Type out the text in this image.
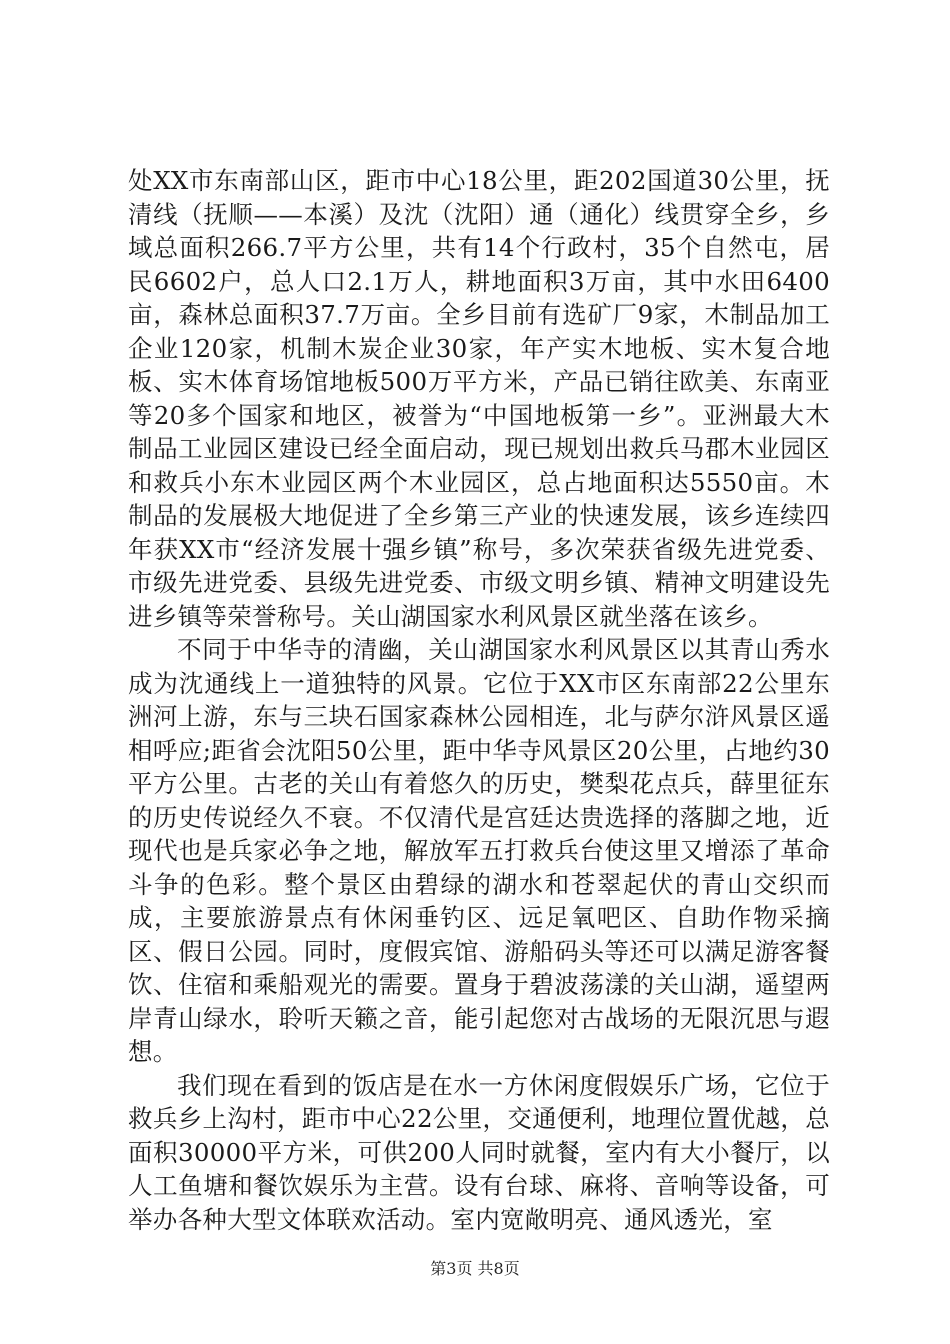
处XX市东南部山区，距市中心18公里，距202国道30公里，抚清线（抚顺——本溪）及沈（沈阳）通（通化）线贯穿全乡，乡域总面积266.7平方公里，共有14个行政村，35个自然屯，居民6602户，总人口2.1万人，耕地面积3万亩，其中水田6400亩，森林总面积37.7万亩。全乡目前有选矿厂9家，木制品加工企业120家，机制木炭企业30家，年产实木地板、实木复合地板、实木体育场馆地板500万平方米，产品已销往欧美、东南亚等20多个国家和地区，被誉为“中国地板第一乡”。亚洲最大木制品工业园区建设已经全面启动，现已规划出救兵马郡木业园区和救兵小东木业园区两个木业园区，总占地面积达5550亩。木制品的发展极大地促进了全乡第三产业的快速发展，该乡连续四年获XX市“经济发展十强乡镇”称号，多次荣获省级先进党委、市级先进党委、县级先进党委、市级文明乡镇、精神文明建设先进乡镇等荣誉称号。关山湖国家水利风景区就坐落在该乡。

不同于中华寺的清幽，关山湖国家水利风景区以其青山秀水成为沈通线上一道独特的风景。它位于XX市区东南部22公里东洲河上游，东与三块石国家森林公园相连，北与萨尔浒风景区遥相呼应;距省会沈阳50公里，距中华寺风景区20公里，占地约30平方公里。古老的关山有着悠久的历史，樊梨花点兵，薛里征东的历史传说经久不衰。不仅清代是宫廷达贵选择的落脚之地，近现代也是兵家必争之地，解放军五打救兵台使这里又增添了革命斗争的色彩。整个景区由碧绿的湖水和苍翠起伏的青山交织而成，主要旅游景点有休闲垂钓区、远足氧吧区、自助作物采摘区、假日公园。同时，度假宾馆、游船码头等还可以满足游客餐饮、住宿和乘船观光的需要。置身于碧波荡漾的关山湖，遥望两岸青山绿水，聆听天籁之音，能引起您对古战场的无限沉思与遐想。

我们现在看到的饭店是在水一方休闲度假娱乐广场，它位于救兵乡上沟村，距市中心22公里，交通便利，地理位置优越，总面积30000平方米，可供200人同时就餐，室内有大小餐厅，以人工鱼塘和餐饮娱乐为主营。设有台球、麻将、音响等设备，可举办各种大型文体联欢活动。室内宽敞明亮、通风透光，室

第3页 共8页
